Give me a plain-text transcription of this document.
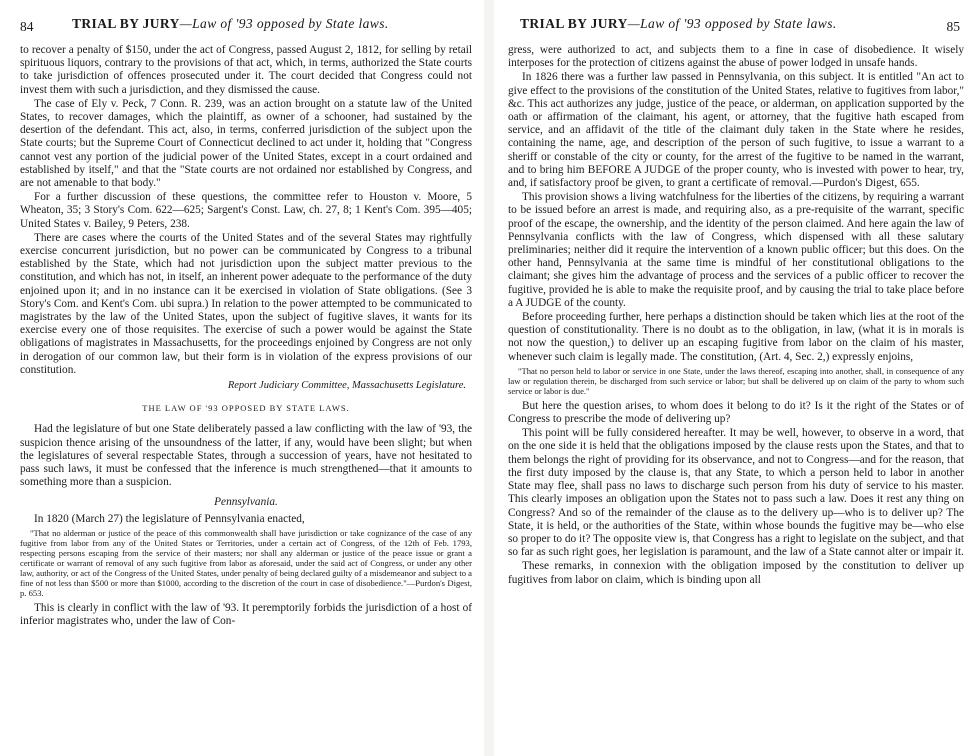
84	TRIAL BY JURY—Law of '93 opposed by State laws.

to recover a penalty of $150, under the act of Congress, passed August 2, 1812, for selling by retail spirituous liquors, contrary to the provisions of that act, which, in terms, authorized the State courts to take jurisdiction of offences prosecuted under it. The court decided that Congress could not invest them with such a jurisdiction, and they dismissed the cause.

The case of Ely v. Peck, 7 Conn. R. 239, was an action brought on a statute law of the United States, to recover damages, which the plaintiff, as owner of a schooner, had sustained by the desertion of the defendant. This act, also, in terms, conferred jurisdiction of the subject upon the State courts; but the Supreme Court of Connecticut declined to act under it, holding that "Congress cannot vest any portion of the judicial power of the United States, except in a court ordained and established by itself," and that the "State courts are not ordained nor established by Congress, and are not amenable to that body."

For a further discussion of these questions, the committee refer to Houston v. Moore, 5 Wheaton, 35; 3 Story's Com. 622—625; Sargent's Const. Law, ch. 27, 8; 1 Kent's Com. 395—405; United States v. Bailey, 9 Peters, 238.

There are cases where the courts of the United States and of the several States may rightfully exercise concurrent jurisdiction, but no power can be communicated by Congress to a tribunal established by the State, which had not jurisdiction upon the subject matter previous to the constitution, and which has not, in itself, an inherent power adequate to the performance of the duty enjoined upon it; and in no instance can it be exercised in violation of State obligations. (See 3 Story's Com. and Kent's Com. ubi supra.) In relation to the power attempted to be communicated to magistrates by the law of the United States, upon the subject of fugitive slaves, it wants for its exercise every one of those requisites. The exercise of such a power would be against the State obligations of magistrates in Massachusetts, for the proceedings enjoined by Congress are not only in derogation of our common law, but their form is in violation of the express provisions of our constitution.

Report Judiciary Committee, Massachusetts Legislature.
THE LAW OF '93 OPPOSED BY STATE LAWS.

Had the legislature of but one State deliberately passed a law conflicting with the law of '93, the suspicion thence arising of the unsoundness of the latter, if any, would have been slight; but when the legislatures of several respectable States, through a succession of years, have not hesitated to pass such laws, it must be confessed that the inference is much strengthened—that it amounts to something more than a suspicion.

Pennsylvania.

In 1820 (March 27) the legislature of Pennsylvania enacted,

"That no alderman or justice of the peace of this commonwealth shall have jurisdiction or take cognizance of the case of any fugitive from labor from any of the United States or Territories, under a certain act of Congress, of the 12th of Feb. 1793, respecting persons escaping from the service of their masters; nor shall any alderman or justice of the peace issue or grant a certificate or warrant of removal of any such fugitive from labor as aforesaid, under the said act of Congress, or under any other law, authority, or act of the Congress of the United States, under penalty of being declared guilty of a misdemeanor and subject to a fine of not less than $500 or more than $1000, according to the discretion of the court in case of disobedience."—Purdon's Digest, p. 653.

This is clearly in conflict with the law of '93. It peremptorily forbids the jurisdiction of a host of inferior magistrates who, under the law of Con-

TRIAL BY JURY—Law of '93 opposed by State laws.	85

gress, were authorized to act, and subjects them to a fine in case of disobedience. It wisely interposes for the protection of citizens against the abuse of power lodged in unsafe hands.

In 1826 there was a further law passed in Pennsylvania, on this subject. It is entitled "An act to give effect to the provisions of the constitution of the United States, relative to fugitives from labor," &c. This act authorizes any judge, justice of the peace, or alderman, on application supported by the oath or affirmation of the claimant, his agent, or attorney, that the fugitive hath escaped from service, and an affidavit of the title of the claimant duly taken in the State where he resides, containing the name, age, and description of the person of such fugitive, to issue a warrant to a sheriff or constable of the city or county, for the arrest of the fugitive to be named in the warrant, and to bring him BEFORE A JUDGE of the proper county, who is invested with power to hear, try, and, if satisfactory proof be given, to grant a certificate of removal.—Purdon's Digest, 655.

This provision shows a living watchfulness for the liberties of the citizens, by requiring a warrant to be issued before an arrest is made, and requiring also, as a pre-requisite of the warrant, specific proof of the escape, the ownership, and the identity of the person claimed. And here again the law of Pennsylvania conflicts with the law of Congress, which dispensed with all these salutary preliminaries; neither did it require the intervention of a known public officer; but this does. On the other hand, Pennsylvania at the same time is mindful of her constitutional obligations to the claimant; she gives him the advantage of process and the services of a public officer to recover the fugitive, provided he is able to make the requisite proof, and by causing the trial to take place before a A JUDGE of the county.

Before proceeding further, here perhaps a distinction should be taken which lies at the root of the question of constitutionality. There is no doubt as to the obligation, in law, (what it is in morals is not now the question,) to deliver up an escaping fugitive from labor on the claim of his master, whenever such claim is legally made. The constitution, (Art. 4, Sec. 2,) expressly enjoins,

"That no person held to labor or service in one State, under the laws thereof, escaping into another, shall, in consequence of any law or regulation therein, be discharged from such service or labor; but shall be delivered up on claim of the party to whom such service or labor is due."

But here the question arises, to whom does it belong to do it? Is it the right of the States or of Congress to prescribe the mode of delivering up?

This point will be fully considered hereafter. It may be well, however, to observe in a word, that on the one side it is held that the obligations imposed by the clause rests upon the States, and that to them belongs the right of providing for its observance, and not to Congress—and for the reason, that the first duty imposed by the clause is, that any State, to which a person held to labor in another State may flee, shall pass no laws to discharge such person from his duty of service to his master. This clearly imposes an obligation upon the States not to pass such a law. Does it rest any thing on Congress? And so of the remainder of the clause as to the delivery up—who is to deliver up? The State, it is held, or the authorities of the State, within whose bounds the fugitive may be—who else so proper to do it? The opposite view is, that Congress has a right to legislate on the subject, and that so far as such right goes, her legislation is paramount, and the law of a State cannot alter or impair it.

These remarks, in connexion with the obligation imposed by the constitution to deliver up fugitives from labor on claim, which is binding upon all
